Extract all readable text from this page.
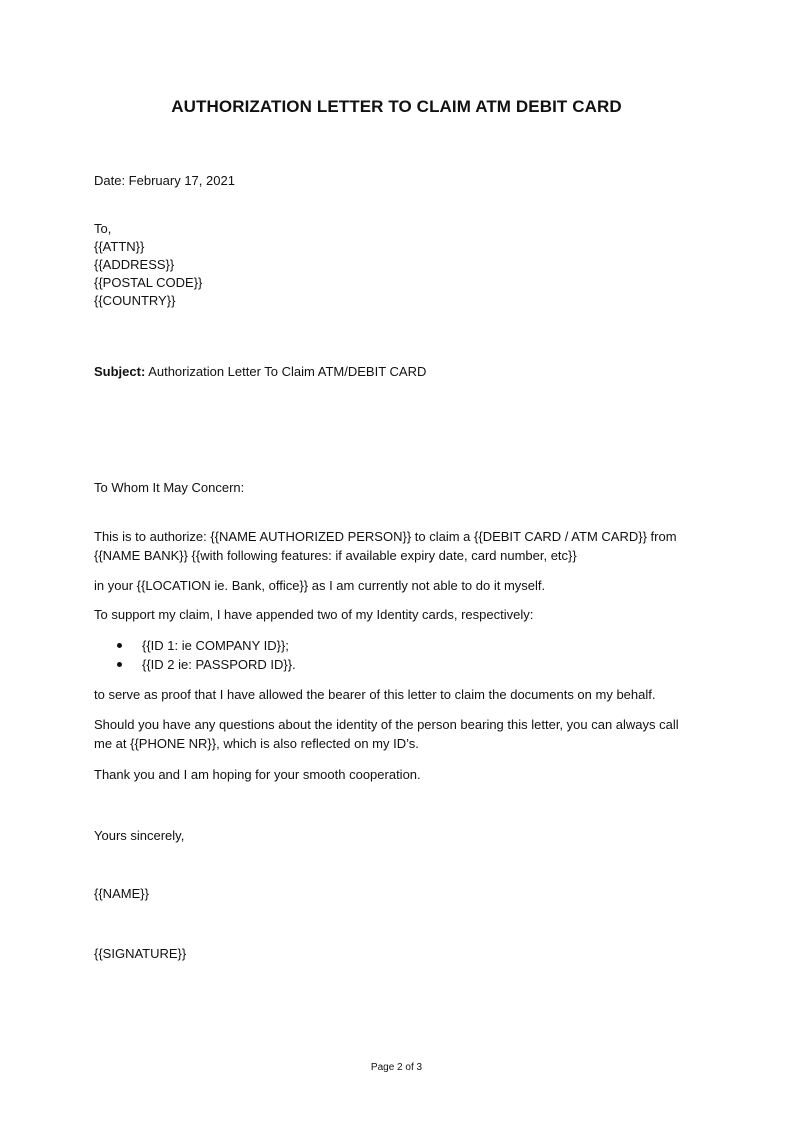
AUTHORIZATION LETTER TO CLAIM ATM DEBIT CARD
Date: February 17, 2021
To,
{{ATTN}}
{{ADDRESS}}
{{POSTAL CODE}}
{{COUNTRY}}
Subject: Authorization Letter To Claim ATM/DEBIT CARD
To Whom It May Concern:
This is to authorize: {{NAME AUTHORIZED PERSON}} to claim a {{DEBIT CARD / ATM CARD}} from
{{NAME BANK}} {{with following features: if available expiry date, card number, etc}}
in your {{LOCATION ie. Bank, office}} as I am currently not able to do it myself.
To support my claim, I have appended two of my Identity cards, respectively:
{{ID 1: ie COMPANY ID}};
{{ID 2 ie: PASSPORD ID}}.
to serve as proof that I have allowed the bearer of this letter to claim the documents on my behalf.
Should you have any questions about the identity of the person bearing this letter, you can always call
me at {{PHONE NR}}, which is also reflected on my ID’s.
Thank you and I am hoping for your smooth cooperation.
Yours sincerely,
{{NAME}}
{{SIGNATURE}}
Page 2 of 3
